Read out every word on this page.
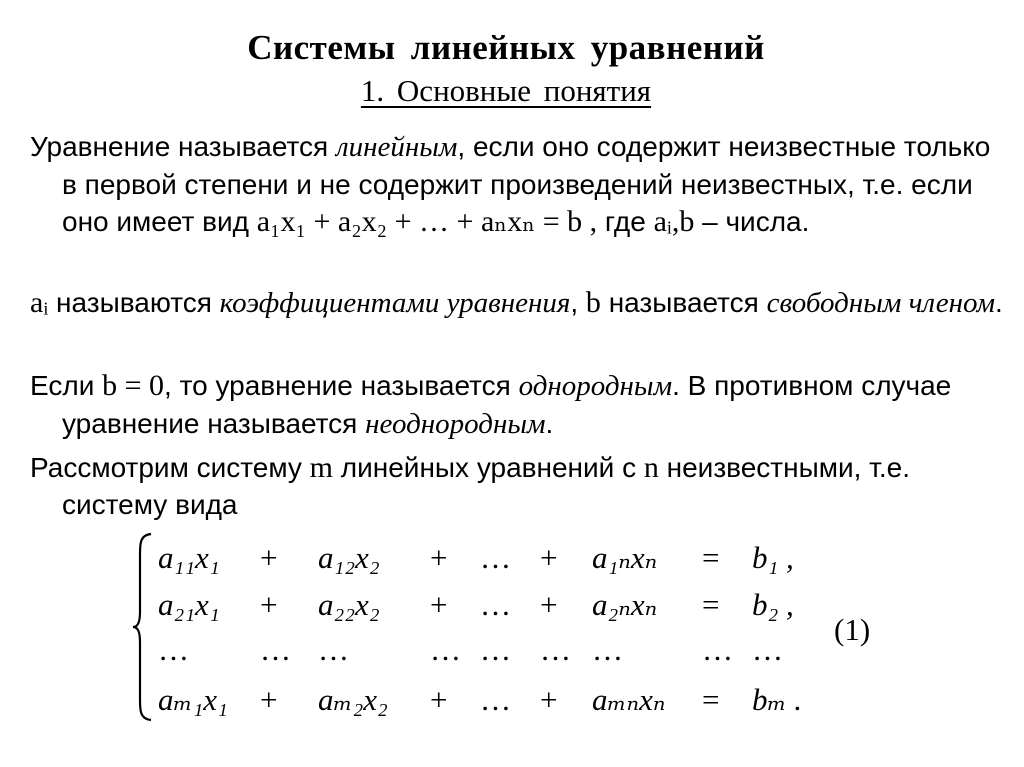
Системы линейных уравнений
1. Основные понятия
Уравнение называется линейным, если оно содержит неизвестные только в первой степени и не содержит произведений неизвестных, т.е. если оно имеет вид a₁x₁ + a₂x₂ + … + aₙxₙ = b , где aᵢ,b – числа.
aᵢ называются коэффициентами уравнения, b называется свободным членом.
Если b = 0, то уравнение называется однородным. В противном случае уравнение называется неоднородным.
Рассмотрим систему m линейных уравнений с n неизвестными, т.е. систему вида
a₁₁x₁ + a₁₂x₂ + … + a₁ₙxₙ = b₁ ,
a₂₁x₁ + a₂₂x₂ + … + a₂ₙxₙ = b₂ ,
… … …	… … … …	… …
aₘ₁x₁ + aₘ₂x₂ + … + aₘₙxₙ = bₘ .
(1)
